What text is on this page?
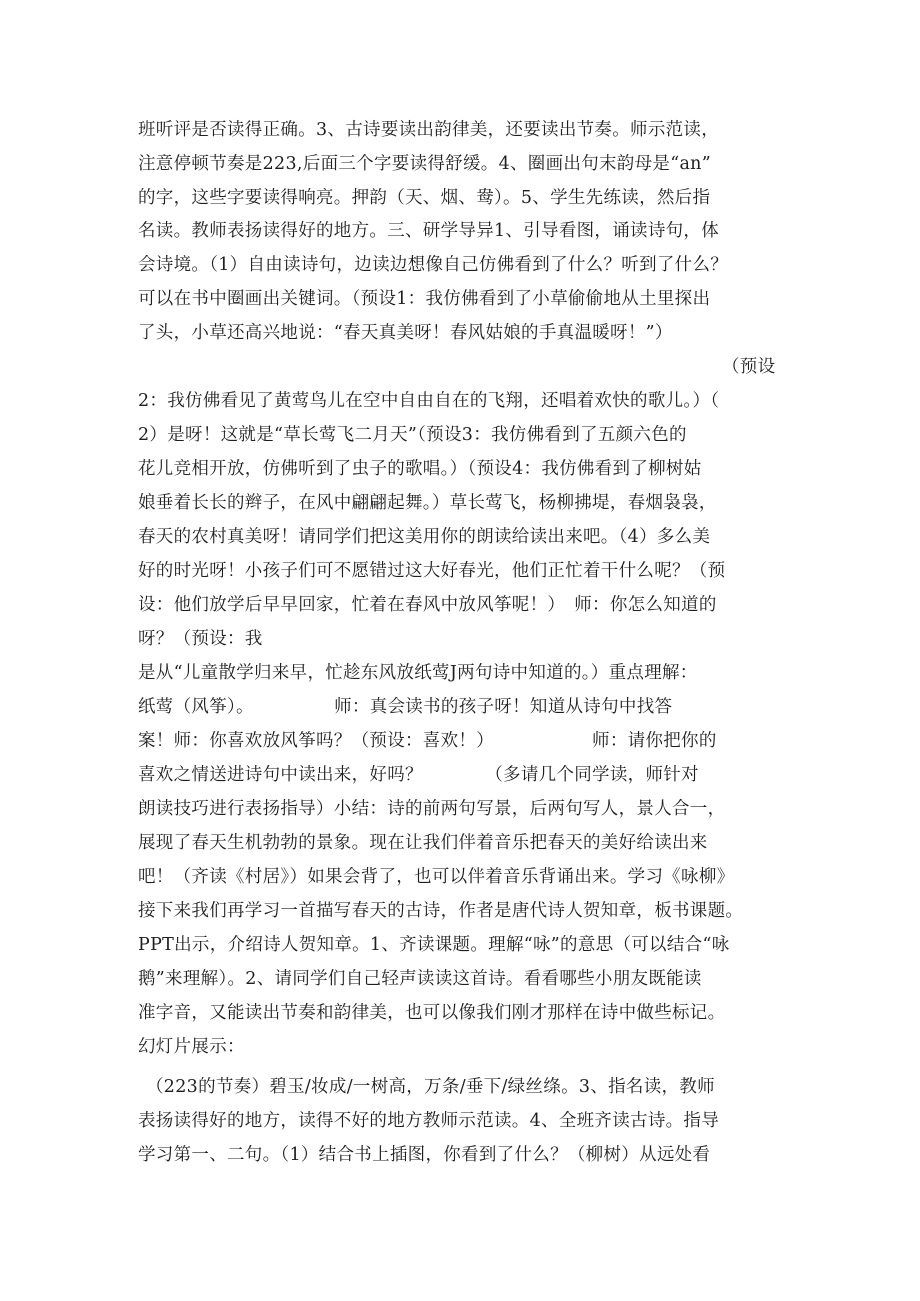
班听评是否读得正确。3、古诗要读出韵律美，还要读出节奏。师示范读，
注意停顿节奏是223,后面三个字要读得舒缓。4、圈画出句末韵母是“an”
的字，这些字要读得响亮。押韵（天、烟、鸯）。5、学生先练读，然后指
名读。教师表扬读得好的地方。三、研学导异1、引导看图，诵读诗句，体
会诗境。（1）自由读诗句，边读边想像自己仿佛看到了什么？听到了什么？
可以在书中圈画出关键词。（预设1：我仿佛看到了小草偷偷地从土里探出
了头，小草还高兴地说：“春天真美呀！春风姑娘的手真温暖呀！”）
（预设
2：我仿佛看见了黄莺鸟儿在空中自由自在的飞翔，还唱着欢快的歌儿。）（
2）是呀！这就是“草长莺飞二月天”（预设3：我仿佛看到了五颜六色的
花儿竞相开放，仿佛听到了虫子的歌唱。）（预设4：我仿佛看到了柳树姑
娘垂着长长的辫子，在风中翩翩起舞。）草长莺飞，杨柳拂堤，春烟袅袅，
春天的农村真美呀！请同学们把这美用你的朗读给读出来吧。（4）多么美
好的时光呀！小孩子们可不愿错过这大好春光，他们正忙着干什么呢？（预
设：他们放学后早早回家，忙着在春风中放风筝呢！）　师：你怎么知道的
呀？（预设：我
是从“儿童散学归来早，忙趁东风放纸莺J两句诗中知道的。）重点理解：
纸莺（风筝）。　　　　　师：真会读书的孩子呀！知道从诗句中找答
案！师：你喜欢放风筝吗？（预设：喜欢！）　　　　　　师：请你把你的
喜欢之情送进诗句中读出来，好吗？　　　　（多请几个同学读，师针对
朗读技巧进行表扬指导）小结：诗的前两句写景，后两句写人，景人合一，
展现了春天生机勃勃的景象。现在让我们伴着音乐把春天的美好给读出来
吧！（齐读《村居》）如果会背了，也可以伴着音乐背诵出来。学习《咏柳》
接下来我们再学习一首描写春天的古诗，作者是唐代诗人贺知章，板书课题。
PPT出示，介绍诗人贺知章。1、齐读课题。理解“咏”的意思（可以结合“咏
鹅”来理解）。2、请同学们自己轻声读读这首诗。看看哪些小朋友既能读
准字音，又能读出节奏和韵律美，也可以像我们刚才那样在诗中做些标记。
幻灯片展示：
（223的节奏）碧玉/妆成/一树高，万条/垂下/绿丝绦。3、指名读，教师
表扬读得好的地方，读得不好的地方教师示范读。4、全班齐读古诗。指导
学习第一、二句。（1）结合书上插图，你看到了什么？（柳树）从远处看
